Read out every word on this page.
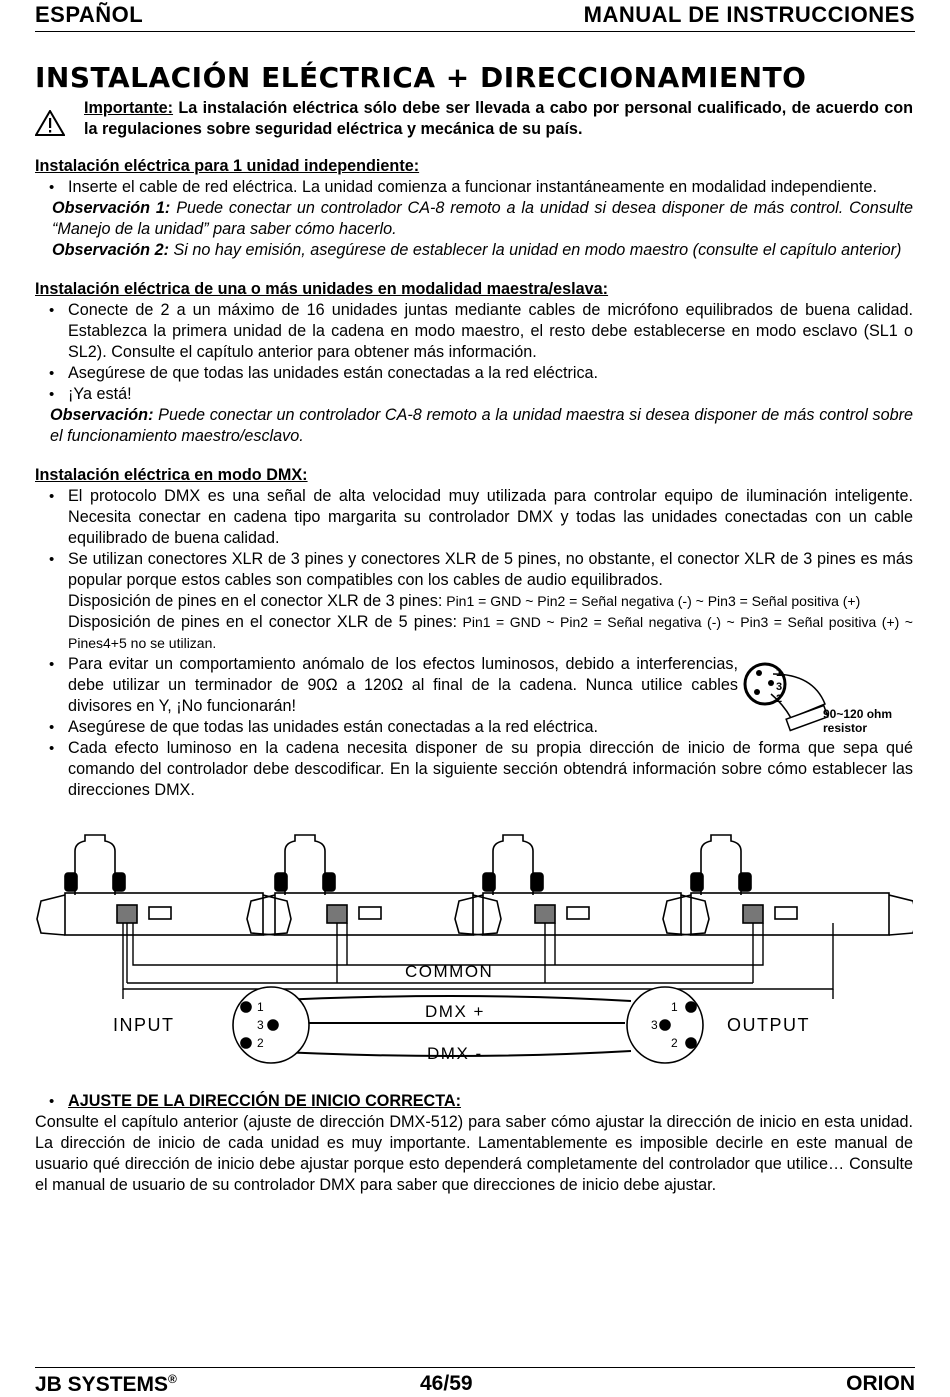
ESPAÑOL	MANUAL DE INSTRUCCIONES
INSTALACIÓN ELÉCTRICA + DIRECCIONAMIENTO
Importante: La instalación eléctrica sólo debe ser llevada a cabo por personal cualificado, de acuerdo con la regulaciones sobre seguridad eléctrica y mecánica de su país.
Instalación eléctrica para 1 unidad independiente:
• Inserte el cable de red eléctrica. La unidad comienza a funcionar instantáneamente en modalidad independiente.
Observación 1: Puede conectar un controlador CA-8 remoto a la unidad si desea disponer de más control. Consulte “Manejo de la unidad” para saber cómo hacerlo.
Observación 2: Si no hay emisión, asegúrese de establecer la unidad en modo maestro (consulte el capítulo anterior)
Instalación eléctrica de una o más unidades en modalidad maestra/eslava:
• Conecte de 2 a un máximo de 16 unidades juntas mediante cables de micrófono equilibrados de buena calidad. Establezca la primera unidad de la cadena en modo maestro, el resto debe establecerse en modo esclavo (SL1 o SL2). Consulte el capítulo anterior para obtener más información.
• Asegúrese de que todas las unidades están conectadas a la red eléctrica.
• ¡Ya está!
Observación: Puede conectar un controlador CA-8 remoto a la unidad maestra si desea disponer de más control sobre el funcionamiento maestro/esclavo.
Instalación eléctrica en modo DMX:
• El protocolo DMX es una señal de alta velocidad muy utilizada para controlar equipo de iluminación inteligente. Necesita conectar en cadena tipo margarita su controlador DMX y todas las unidades conectadas con un cable equilibrado de buena calidad.
• Se utilizan conectores XLR de 3 pines y conectores XLR de 5 pines, no obstante, el conector XLR de 3 pines es más popular porque estos cables son compatibles con los cables de audio equilibrados.
Disposición de pines en el conector XLR de 3 pines: Pin1 = GND ~ Pin2 = Señal negativa (-) ~ Pin3 = Señal positiva (+)
Disposición de pines en el conector XLR de 5 pines: Pin1 = GND ~ Pin2 = Señal negativa (-) ~ Pin3 = Señal positiva (+) ~ Pines4+5 no se utilizan.
1
3
2
90~120 ohm
resistor
• Para evitar un comportamiento anómalo de los efectos luminosos, debido a interferencias, debe utilizar un terminador de 90Ω a 120Ω al final de la cadena. Nunca utilice cables divisores en Y, ¡No funcionarán!
• Asegúrese de que todas las unidades están conectadas a la red eléctrica.
• Cada efecto luminoso en la cadena necesita disponer de su propia dirección de inicio de forma que sepa qué comando del controlador debe descodificar. En la siguiente sección obtendrá información sobre cómo establecer las direcciones DMX.
COMMON
INPUT	OUTPUT
DMX +
DMX -
1
3
2
1
3
2
• AJUSTE DE LA DIRECCIÓN DE INICIO CORRECTA:
Consulte el capítulo anterior (ajuste de dirección DMX-512) para saber cómo ajustar la dirección de inicio en esta unidad. La dirección de inicio de cada unidad es muy importante. Lamentablemente es imposible decirle en este manual de usuario qué dirección de inicio debe ajustar porque esto dependerá completamente del controlador que utilice… Consulte el manual de usuario de su controlador DMX para saber que direcciones de inicio debe ajustar.
JB SYSTEMS®	46/59	ORION
